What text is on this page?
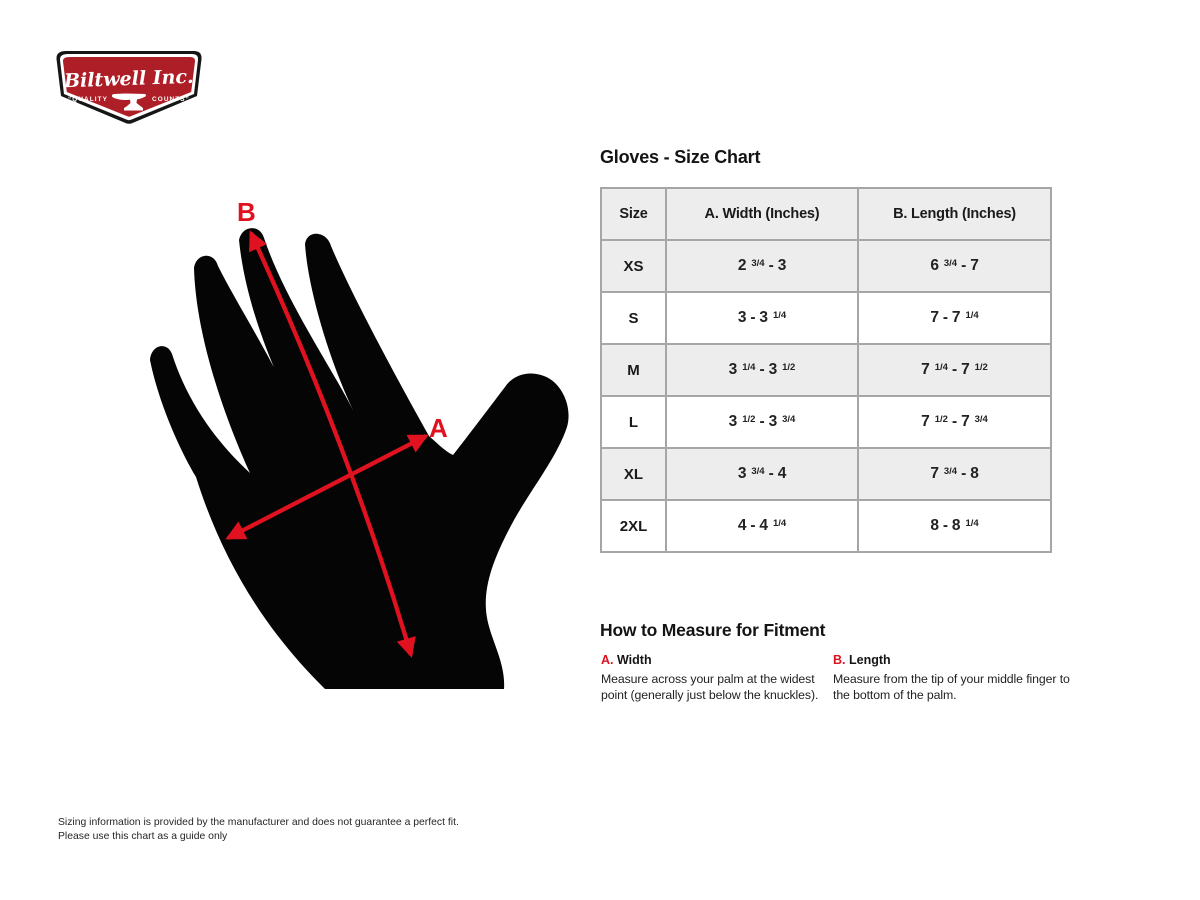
Biltwell Inc.
“QUALITY	COUNTS”
B
A
Gloves - Size Chart
Size	A. Width (Inches)	B. Length (Inches)
XS	2 $^{3/4}$ - 3	6 $^{3/4}$ - 7
S	3 - 3 $^{1/4}$	7 - 7 $^{1/4}$
M	3 $^{1/4}$ - 3 $^{1/2}$	7 $^{1/4}$ - 7 $^{1/2}$
L	3 $^{1/2}$ - 3 $^{3/4}$	7 $^{1/2}$ - 7 $^{3/4}$
XL	3 $^{3/4}$ - 4	7 $^{3/4}$ - 8
2XL	4 - 4 $^{1/4}$	8 - 8 $^{1/4}$
How to Measure for Fitment
A. Width
Measure across your palm at the widest point (generally just below the knuckles).
B. Length
Measure from the tip of your middle finger to the bottom of the palm.
Sizing information is provided by the manufacturer and does not guarantee a perfect fit.
Please use this chart as a guide only
